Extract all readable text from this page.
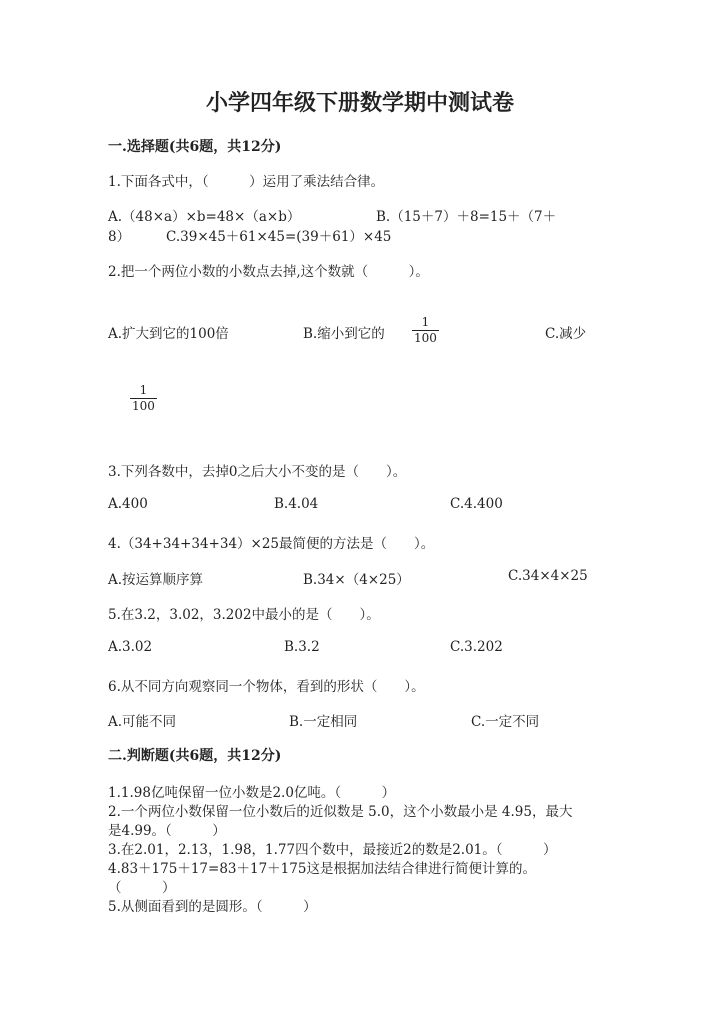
小学四年级下册数学期中测试卷
一.选择题(共6题，共12分)
1.下面各式中，（　　　）运用了乘法结合律。
A.（48×a）×b=48×（a×b）	B.（15＋7）＋8=15＋（7＋
8）	C.39×45＋61×45=(39＋61）×45
2.把一个两位小数的小数点去掉,这个数就（　　　）。
A.扩大到它的100倍	B.缩小到它的
1
100	C.减少
1
100
3.下列各数中，去掉0之后大小不变的是（　　）。
A.400	B.4.04	C.4.400
4.（34+34+34+34）×25最简便的方法是（　　）。
A.按运算顺序算	B.34×（4×25）	C.34×4×25
5.在3.2，3.02，3.202中最小的是（　　）。
A.3.02	B.3.2	C.3.202
6.从不同方向观察同一个物体，看到的形状（　　）。
A.可能不同	B.一定相同	C.一定不同
二.判断题(共6题，共12分)
1.1.98亿吨保留一位小数是2.0亿吨。（　　　）
2.一个两位小数保留一位小数后的近似数是 5.0，这个小数最小是 4.95，最大
是4.99。（　　　）
3.在2.01，2.13，1.98，1.77四个数中，最接近2的数是2.01。（　　　）
4.83＋175＋17=83＋17＋175这是根据加法结合律进行简便计算的。
（　　　）
5.从侧面看到的是圆形。（　　　）
